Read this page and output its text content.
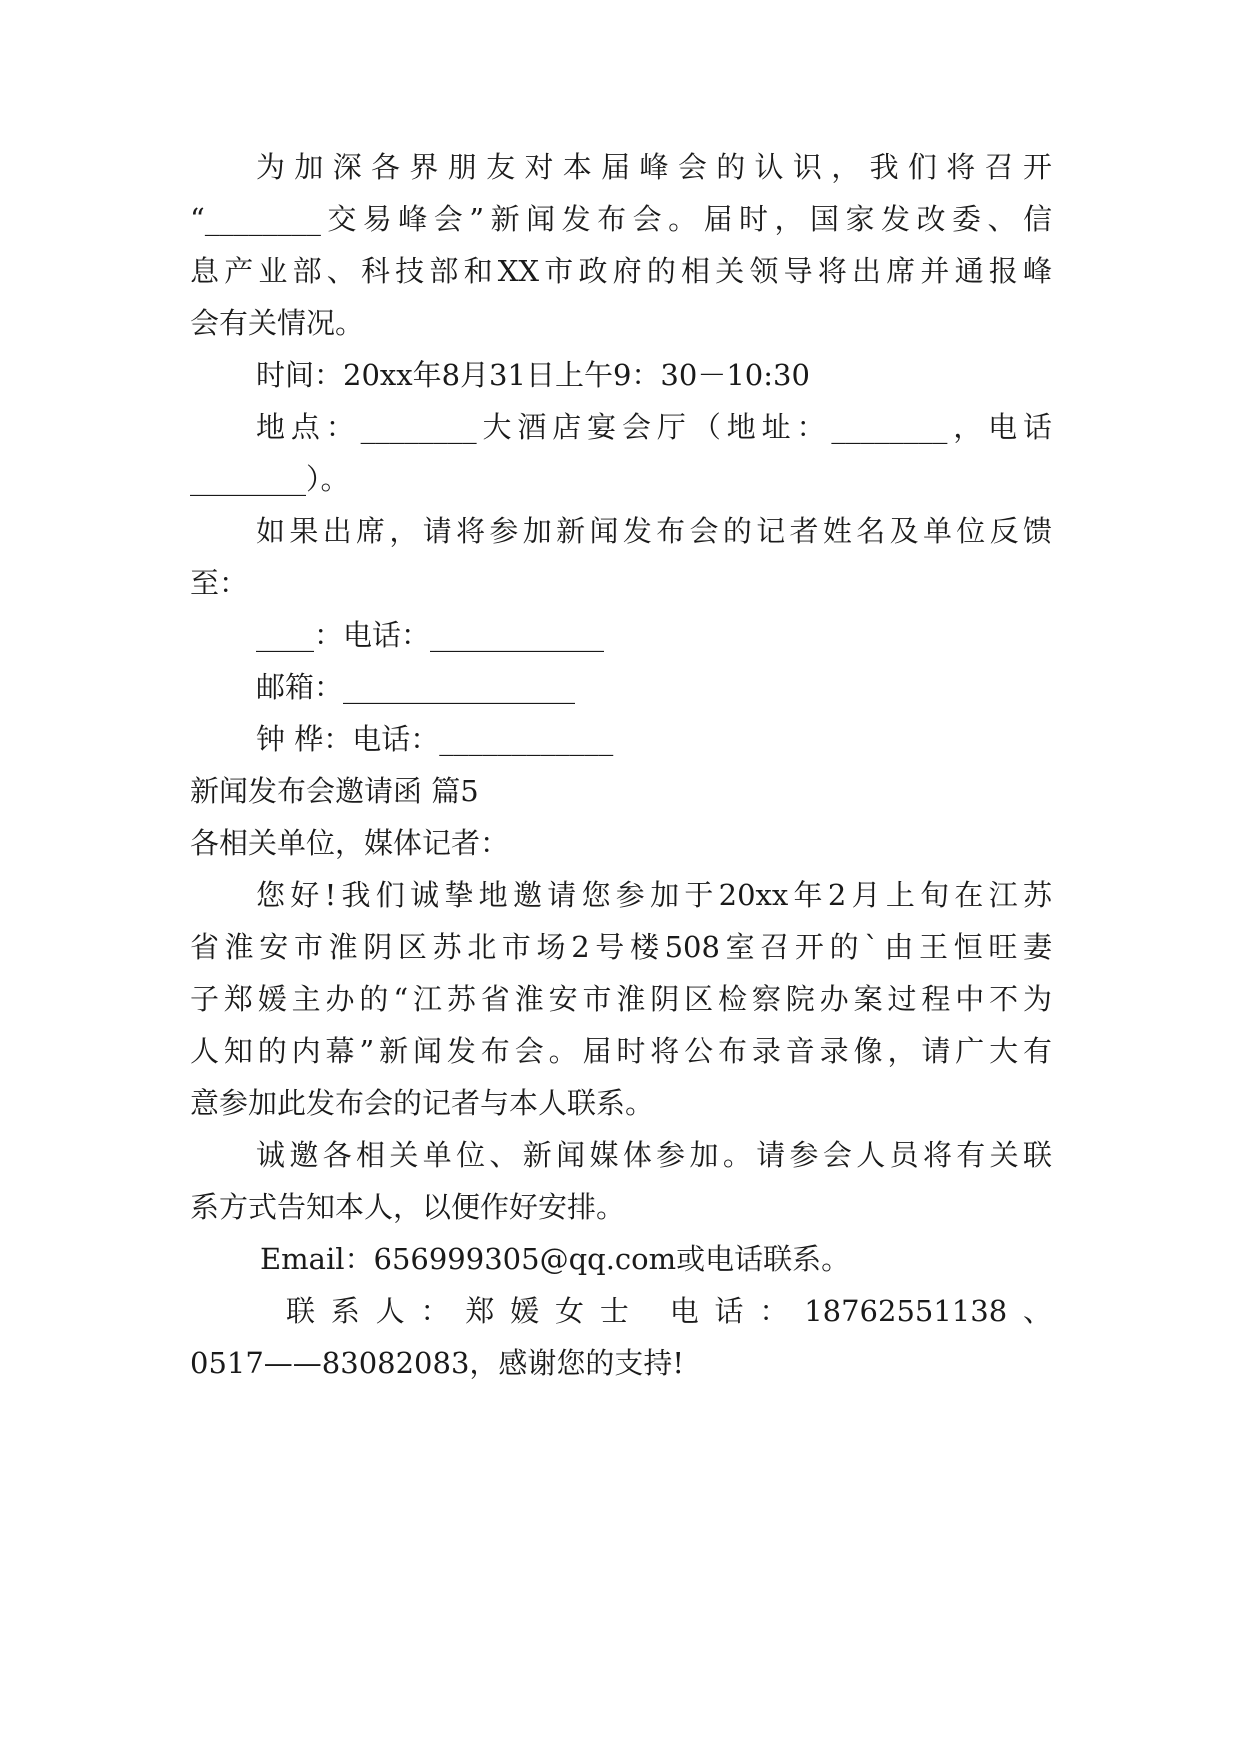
为加深各界朋友对本届峰会的认识，我们将召开
“________交易峰会”新闻发布会。届时，国家发改委、信
息产业部、科技部和XX市政府的相关领导将出席并通报峰
会有关情况。
时间：20xx年8月31日上午9：30－10:30
地点：________大酒店宴会厅（地址：________，电话
________）。
如果出席，请将参加新闻发布会的记者姓名及单位反馈
至：
____：电话：____________
邮箱：________________
钟 桦：电话：____________
新闻发布会邀请函 篇5
各相关单位，媒体记者：
您好!我们诚挚地邀请您参加于20xx年2月上旬在江苏
省淮安市淮阴区苏北市场2号楼508室召开的`由王恒旺妻
子郑媛主办的“江苏省淮安市淮阴区检察院办案过程中不为
人知的内幕”新闻发布会。届时将公布录音录像，请广大有
意参加此发布会的记者与本人联系。
诚邀各相关单位、新闻媒体参加。请参会人员将有关联
系方式告知本人，以便作好安排。
Email：656999305@qq.com或电话联系。
联系人：郑媛女士 电话：18762551138、
0517——83082083，感谢您的支持!
